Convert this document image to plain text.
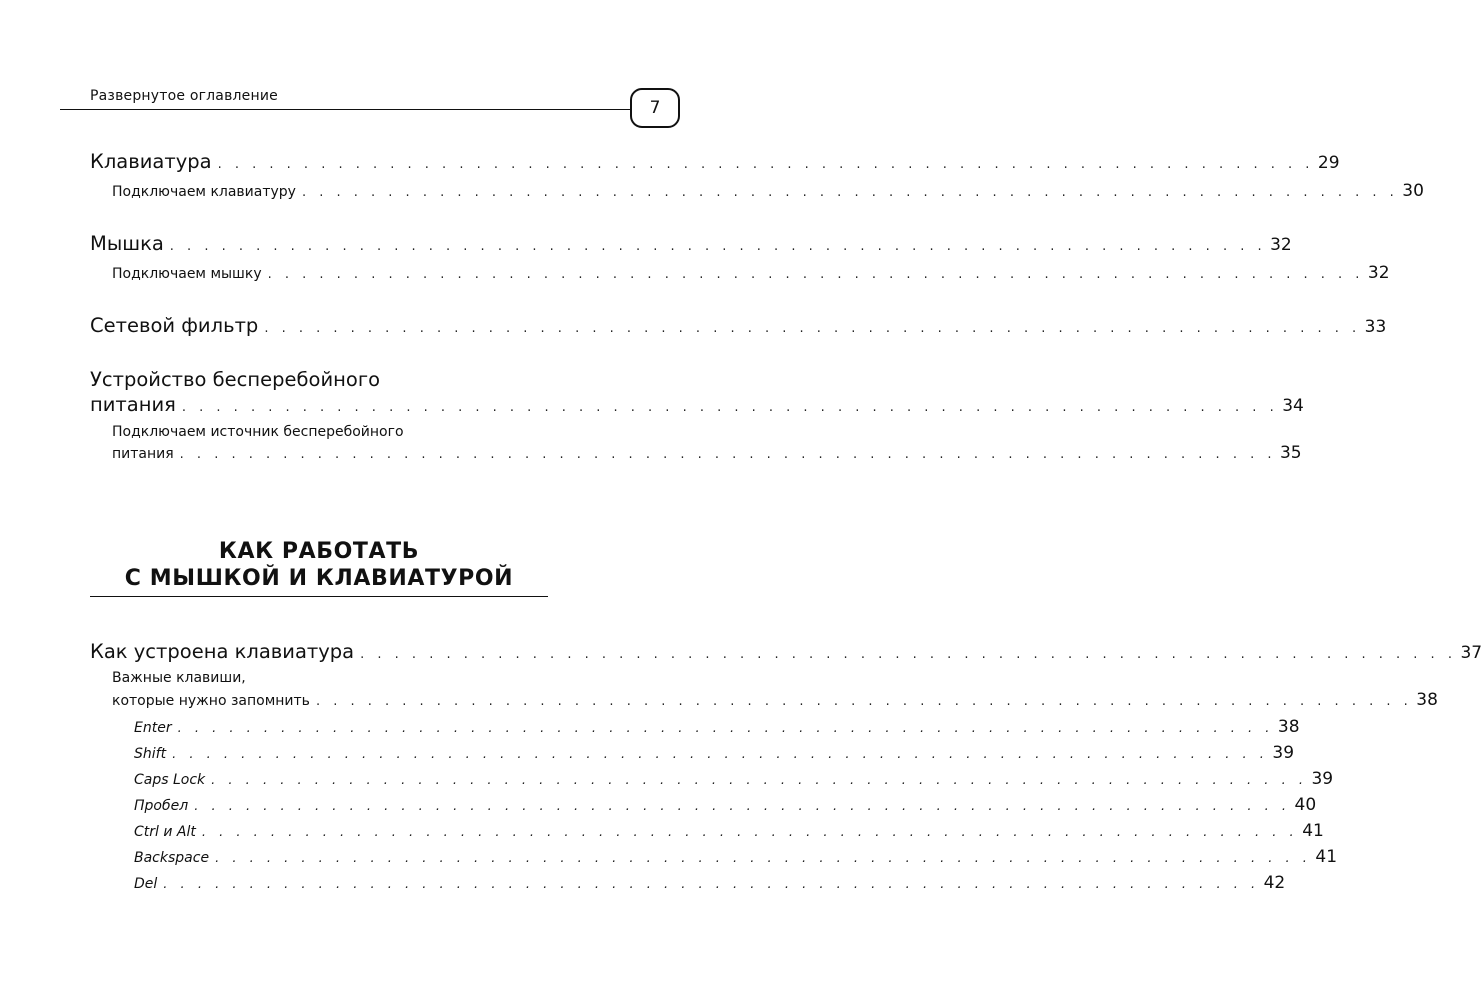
Развернутое оглавление
7
Клавиатура . . . . . . . . . . . . . . . . . . . . . . . . . . . . . . . . . . . . . . . . . . . . . . . . . . . . . . . . . . . . . . . . 29
Подключаем клавиатуру . . . . . . . . . . . . . . . . . . . . . . . . . . . . . . . . . . . . . . . . . . . . . . . . . . . . . . . . . . . . . . . . 30
Мышка . . . . . . . . . . . . . . . . . . . . . . . . . . . . . . . . . . . . . . . . . . . . . . . . . . . . . . . . . . . . . . . . 32
Подключаем мышку . . . . . . . . . . . . . . . . . . . . . . . . . . . . . . . . . . . . . . . . . . . . . . . . . . . . . . . . . . . . . . . . 32
Сетевой фильтр . . . . . . . . . . . . . . . . . . . . . . . . . . . . . . . . . . . . . . . . . . . . . . . . . . . . . . . . . . . . . . . . 33
Устройство бесперебойного
питания . . . . . . . . . . . . . . . . . . . . . . . . . . . . . . . . . . . . . . . . . . . . . . . . . . . . . . . . . . . . . . . . 34
Подключаем источник бесперебойного
питания . . . . . . . . . . . . . . . . . . . . . . . . . . . . . . . . . . . . . . . . . . . . . . . . . . . . . . . . . . . . . . . . 35
КАК РАБОТАТЬ
С МЫШКОЙ И КЛАВИАТУРОЙ
Как устроена клавиатура . . . . . . . . . . . . . . . . . . . . . . . . . . . . . . . . . . . . . . . . . . . . . . . . . . . . . . . . . . . . . . . . 37
Важные клавиши,
которые нужно запомнить . . . . . . . . . . . . . . . . . . . . . . . . . . . . . . . . . . . . . . . . . . . . . . . . . . . . . . . . . . . . . . . . 38
Enter . . . . . . . . . . . . . . . . . . . . . . . . . . . . . . . . . . . . . . . . . . . . . . . . . . . . . . . . . . . . . . . . 38
Shift . . . . . . . . . . . . . . . . . . . . . . . . . . . . . . . . . . . . . . . . . . . . . . . . . . . . . . . . . . . . . . . . 39
Caps Lock . . . . . . . . . . . . . . . . . . . . . . . . . . . . . . . . . . . . . . . . . . . . . . . . . . . . . . . . . . . . . . . . 39
Пробел . . . . . . . . . . . . . . . . . . . . . . . . . . . . . . . . . . . . . . . . . . . . . . . . . . . . . . . . . . . . . . . . 40
Ctrl и Alt . . . . . . . . . . . . . . . . . . . . . . . . . . . . . . . . . . . . . . . . . . . . . . . . . . . . . . . . . . . . . . . . 41
Backspace . . . . . . . . . . . . . . . . . . . . . . . . . . . . . . . . . . . . . . . . . . . . . . . . . . . . . . . . . . . . . . . . 41
Del . . . . . . . . . . . . . . . . . . . . . . . . . . . . . . . . . . . . . . . . . . . . . . . . . . . . . . . . . . . . . . . . 42
